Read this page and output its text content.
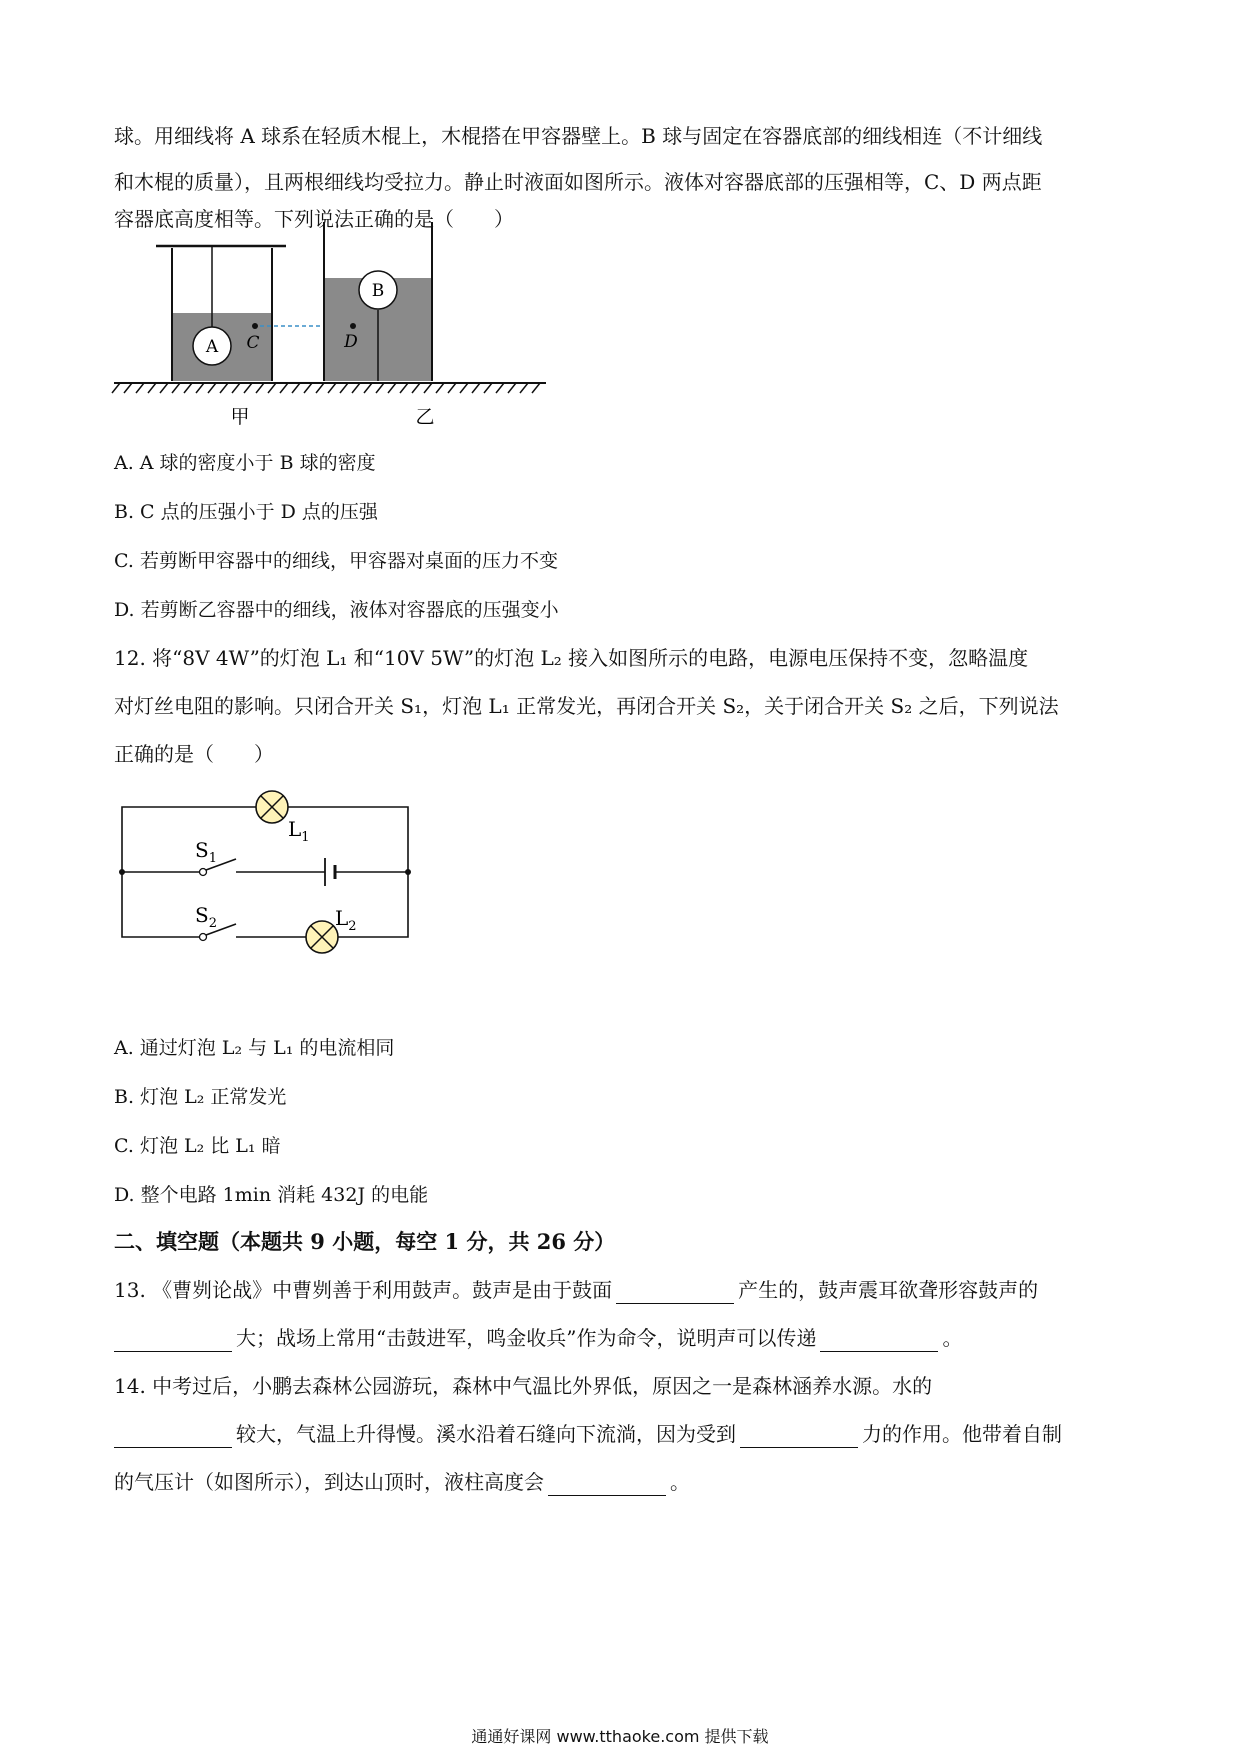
球。用细线将 A 球系在轻质木棍上，木棍搭在甲容器壁上。B 球与固定在容器底部的细线相连（不计细线
和木棍的质量），且两根细线均受拉力。静止时液面如图所示。液体对容器底部的压强相等，C、D 两点距
容器底高度相等。下列说法正确的是（　　）
A C
B
D
甲	乙
A. A 球的密度小于 B 球的密度
B. C 点的压强小于 D 点的压强
C. 若剪断甲容器中的细线，甲容器对桌面的压力不变
D. 若剪断乙容器中的细线，液体对容器底的压强变小
12. 将“8V 4W”的灯泡 L₁ 和“10V 5W”的灯泡 L₂ 接入如图所示的电路，电源电压保持不变，忽略温度
对灯丝电阻的影响。只闭合开关 S₁，灯泡 L₁ 正常发光，再闭合开关 S₂，关于闭合开关 S₂ 之后，下列说法
正确的是（　　）
$L_1$
$S_1$
$S_2$	$L_2$
A. 通过灯泡 L₂ 与 L₁ 的电流相同
B. 灯泡 L₂ 正常发光
C. 灯泡 L₂ 比 L₁ 暗
D. 整个电路 1min 消耗 432J 的电能
二、填空题（本题共 9 小题，每空 1 分，共 26 分）
13. 《曹刿论战》中曹刿善于利用鼓声。鼓声是由于鼓面	产生的，鼓声震耳欲聋形容鼓声的
大；战场上常用“击鼓进军，鸣金收兵”作为命令，说明声可以传递	。
14. 中考过后，小鹏去森林公园游玩，森林中气温比外界低，原因之一是森林涵养水源。水的
较大，气温上升得慢。溪水沿着石缝向下流淌，因为受到	力的作用。他带着自制
的气压计（如图所示），到达山顶时，液柱高度会	。
通通好课网 www.tthaoke.com 提供下载
